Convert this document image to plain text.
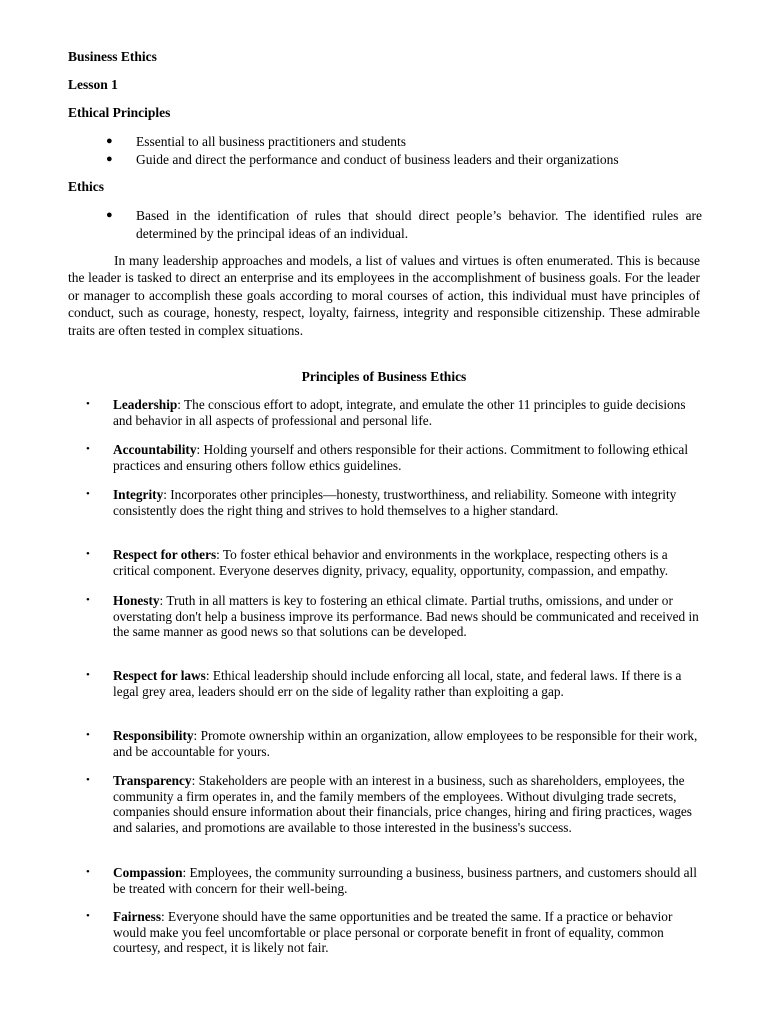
Business Ethics
Lesson 1
Ethical Principles
●	Essential to all business practitioners and students
●	Guide and direct the performance and conduct of business leaders and their organizations
Ethics
●	Based in the identification of rules that should direct people’s behavior. The identified rules are determined by the principal ideas of an individual.
In many leadership approaches and models, a list of values and virtues is often enumerated. This is because the leader is tasked to direct an enterprise and its employees in the accomplishment of business goals. For the leader or manager to accomplish these goals according to moral courses of action, this individual must have principles of conduct, such as courage, honesty, respect, loyalty, fairness, integrity and responsible citizenship. These admirable traits are often tested in complex situations.
Principles of Business Ethics
•	Leadership: The conscious effort to adopt, integrate, and emulate the other 11 principles to guide decisions and behavior in all aspects of professional and personal life.
•	Accountability: Holding yourself and others responsible for their actions. Commitment to following ethical practices and ensuring others follow ethics guidelines.
•	Integrity: Incorporates other principles—honesty, trustworthiness, and reliability. Someone with integrity consistently does the right thing and strives to hold themselves to a higher standard.
•	Respect for others: To foster ethical behavior and environments in the workplace, respecting others is a critical component. Everyone deserves dignity, privacy, equality, opportunity, compassion, and empathy.
•	Honesty: Truth in all matters is key to fostering an ethical climate. Partial truths, omissions, and under or overstating don't help a business improve its performance. Bad news should be communicated and received in the same manner as good news so that solutions can be developed.
•	Respect for laws: Ethical leadership should include enforcing all local, state, and federal laws. If there is a legal grey area, leaders should err on the side of legality rather than exploiting a gap.
•	Responsibility: Promote ownership within an organization, allow employees to be responsible for their work, and be accountable for yours.
•	Transparency: Stakeholders are people with an interest in a business, such as shareholders, employees, the community a firm operates in, and the family members of the employees. Without divulging trade secrets, companies should ensure information about their financials, price changes, hiring and firing practices, wages and salaries, and promotions are available to those interested in the business's success.
•	Compassion: Employees, the community surrounding a business, business partners, and customers should all be treated with concern for their well-being.
•	Fairness: Everyone should have the same opportunities and be treated the same. If a practice or behavior would make you feel uncomfortable or place personal or corporate benefit in front of equality, common courtesy, and respect, it is likely not fair.
